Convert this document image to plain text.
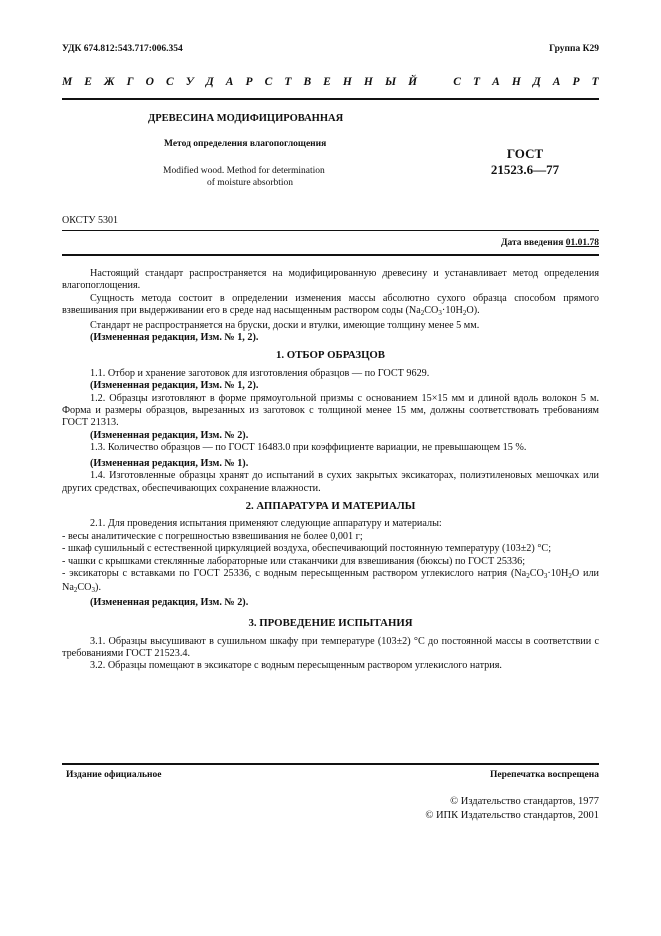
УДК 674.812:543.717:006.354	Группа К29
М Е Ж Г О С У Д А Р С Т В Е Н Н Ы Й	С Т А Н Д А Р Т
ДРЕВЕСИНА МОДИФИЦИРОВАННАЯ
Метод определения влагопоглощения
Modified wood. Method for determination
of moisture absorbtion
ГОСТ
21523.6—77
ОКСТУ 5301
Дата введения 01.01.78

Настоящий стандарт распространяется на модифицированную древесину и устанавливает метод определения влагопоглощения.

Сущность метода состоит в определении изменения массы абсолютно сухого образца способом прямого взвешивания при выдерживании его в среде над насыщенным раствором соды $(Na_2CO_3\cdot 10H_2O)$.

Стандарт не распространяется на бруски, доски и втулки, имеющие толщину менее 5 мм.

(Измененная редакция, Изм. № 1, 2).

1. ОТБОР ОБРАЗЦОВ

1.1. Отбор и хранение заготовок для изготовления образцов — по ГОСТ 9629.

(Измененная редакция, Изм. № 1, 2).

1.2. Образцы изготовляют в форме прямоугольной призмы с основанием 15×15 мм и длиной вдоль волокон 5 м. Форма и размеры образцов, вырезанных из заготовок с толщиной менее 15 мм, должны соответствовать требованиям ГОСТ 21313.

(Измененная редакция, Изм. № 2).

1.3. Количество образцов — по ГОСТ 16483.0 при коэффициенте вариации, не превышающем 15 %.

(Измененная редакция, Изм. № 1).

1.4. Изготовленные образцы хранят до испытаний в сухих закрытых эксикаторах, полиэтиленовых мешочках или других средствах, обеспечивающих сохранение влажности.

2. АППАРАТУРА И МАТЕРИАЛЫ

2.1. Для проведения испытания применяют следующие аппаратуру и материалы:

- весы аналитические с погрешностью взвешивания не более 0,001 г;

- шкаф сушильный с естественной циркуляцией воздуха, обеспечивающий постоянную температуру (103±2) °С;

- чашки с крышками стеклянные лабораторные или стаканчики для взвешивания (бюксы) по ГОСТ 25336;

- эксикаторы с вставками по ГОСТ 25336, с водным пересыщенным раствором углекислого натрия ($Na_2CO_3\cdot 10H_2O$ или $Na_2CO_3$).

(Измененная редакция, Изм. № 2).

3. ПРОВЕДЕНИЕ ИСПЫТАНИЯ

3.1. Образцы высушивают в сушильном шкафу при температуре (103±2) °С до постоянной массы в соответствии с требованиями ГОСТ 21523.4.

3.2. Образцы помещают в эксикаторе с водным пересыщенным раствором углекислого натрия.

Издание официальное	Перепечатка воспрещена
© Издательство стандартов, 1977
© ИПК Издательство стандартов, 2001
